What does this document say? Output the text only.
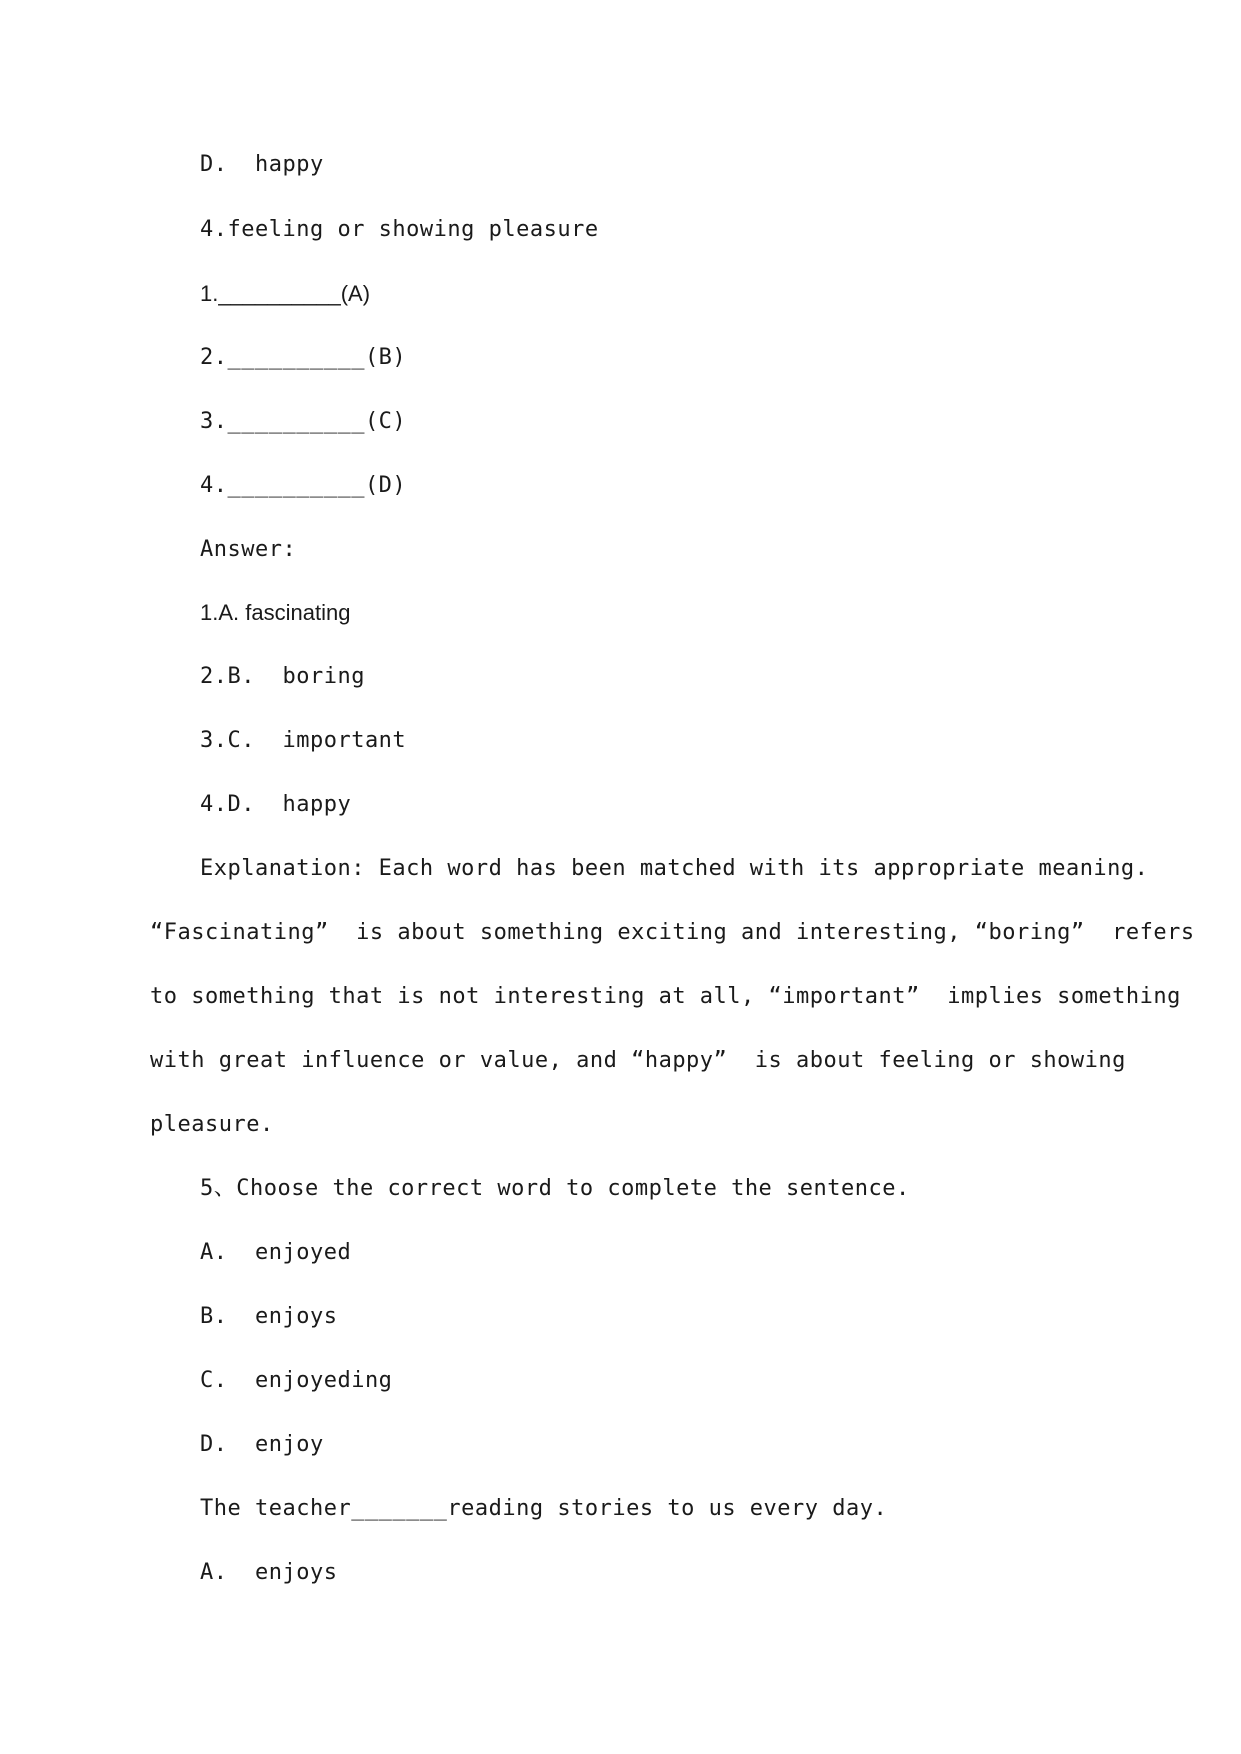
D.  happy
4.feeling or showing pleasure
1.__________(A)
2.__________(B)
3.__________(C)
4.__________(D)
Answer:
1.A. fascinating
2.B.  boring
3.C.  important
4.D.  happy
Explanation: Each word has been matched with its appropriate meaning.
“Fascinating”  is about something exciting and interesting, “boring”  refers
to something that is not interesting at all, “important”  implies something
with great influence or value, and “happy”  is about feeling or showing
pleasure.
5、Choose the correct word to complete the sentence.
A.  enjoyed
B.  enjoys
C.  enjoyeding
D.  enjoy
The teacher_______reading stories to us every day.
A.  enjoys
